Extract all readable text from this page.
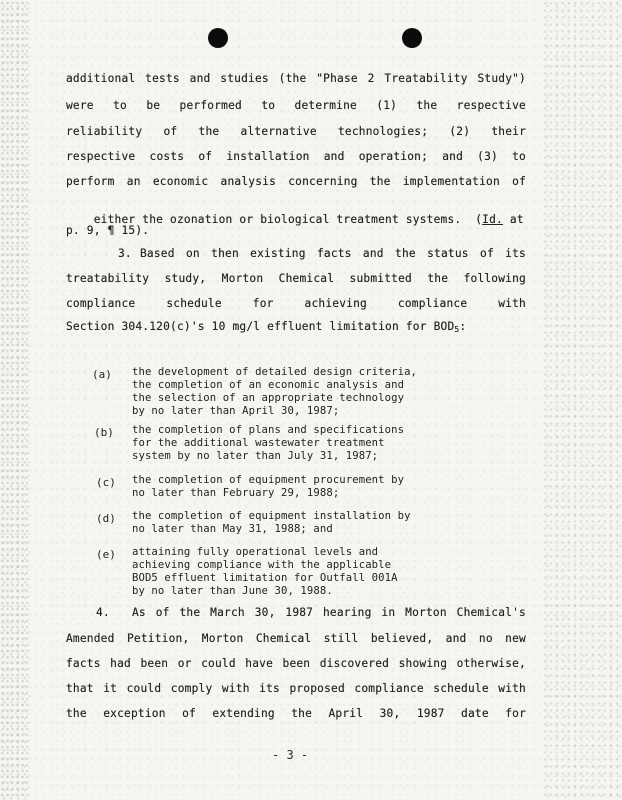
additional tests and studies (the "Phase 2 Treatability Study")
were to be performed to determine (1) the respective
reliability of the alternative technologies; (2) their
respective costs of installation and operation; and (3) to
perform an economic analysis concerning the implementation of

either the ozonation or biological treatment systems.  (Id. at

p. 9, ¶ 15).
3. Based on then existing facts and the status of its
treatability study, Morton Chemical submitted the following
compliance schedule for achieving compliance with
Section 304.120(c)'s 10 mg/l effluent limitation for $BOD_5$:
(a) the development of detailed design criteria,
the completion of an economic analysis and
the selection of an appropriate technology
by no later than April 30, 1987;
(b) the completion of plans and specifications
for the additional wastewater treatment
system by no later than July 31, 1987;
(c) the completion of equipment procurement by
no later than February 29, 1988;
(d) the completion of equipment installation by
no later than May 31, 1988; and
(e) attaining fully operational levels and
achieving compliance with the applicable
BOD5 effluent limitation for Outfall 001A
by no later than June 30, 1988.
4. As of the March 30, 1987 hearing in Morton Chemical's
Amended Petition, Morton Chemical still believed, and no new
facts had been or could have been discovered showing otherwise,
that it could comply with its proposed compliance schedule with
the exception of extending the April 30, 1987 date for
- 3 -
